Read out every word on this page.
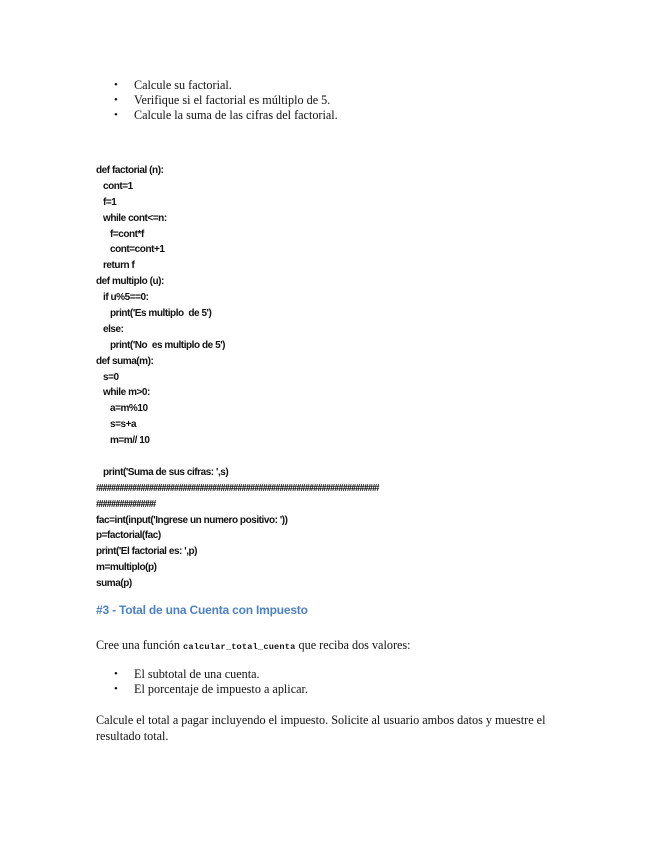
• Calcule su factorial.
• Verifique si el factorial es múltiplo de 5.
• Calcule la suma de las cifras del factorial.
def factorial (n):
cont=1
f=1
while cont<=n:
f=cont*f
cont=cont+1
return f
def multiplo (u):
if u%5==0:
print('Es multiplo  de 5')
else:
print('No  es multiplo de 5')
def suma(m):
s=0
while m>0:
a=m%10
s=s+a
m=m// 10
print('Suma de sus cifras: ',s)
###################################################################
##############
fac=int(input('Ingrese un numero positivo: '))
p=factorial(fac)
print('El factorial es: ',p)
m=multiplo(p)
suma(p)
#3 - Total de una Cuenta con Impuesto

Cree una función calcular_total_cuenta que reciba dos valores:

• El subtotal de una cuenta.
• El porcentaje de impuesto a aplicar.

Calcule el total a pagar incluyendo el impuesto. Solicite al usuario ambos datos y muestre el resultado total.
